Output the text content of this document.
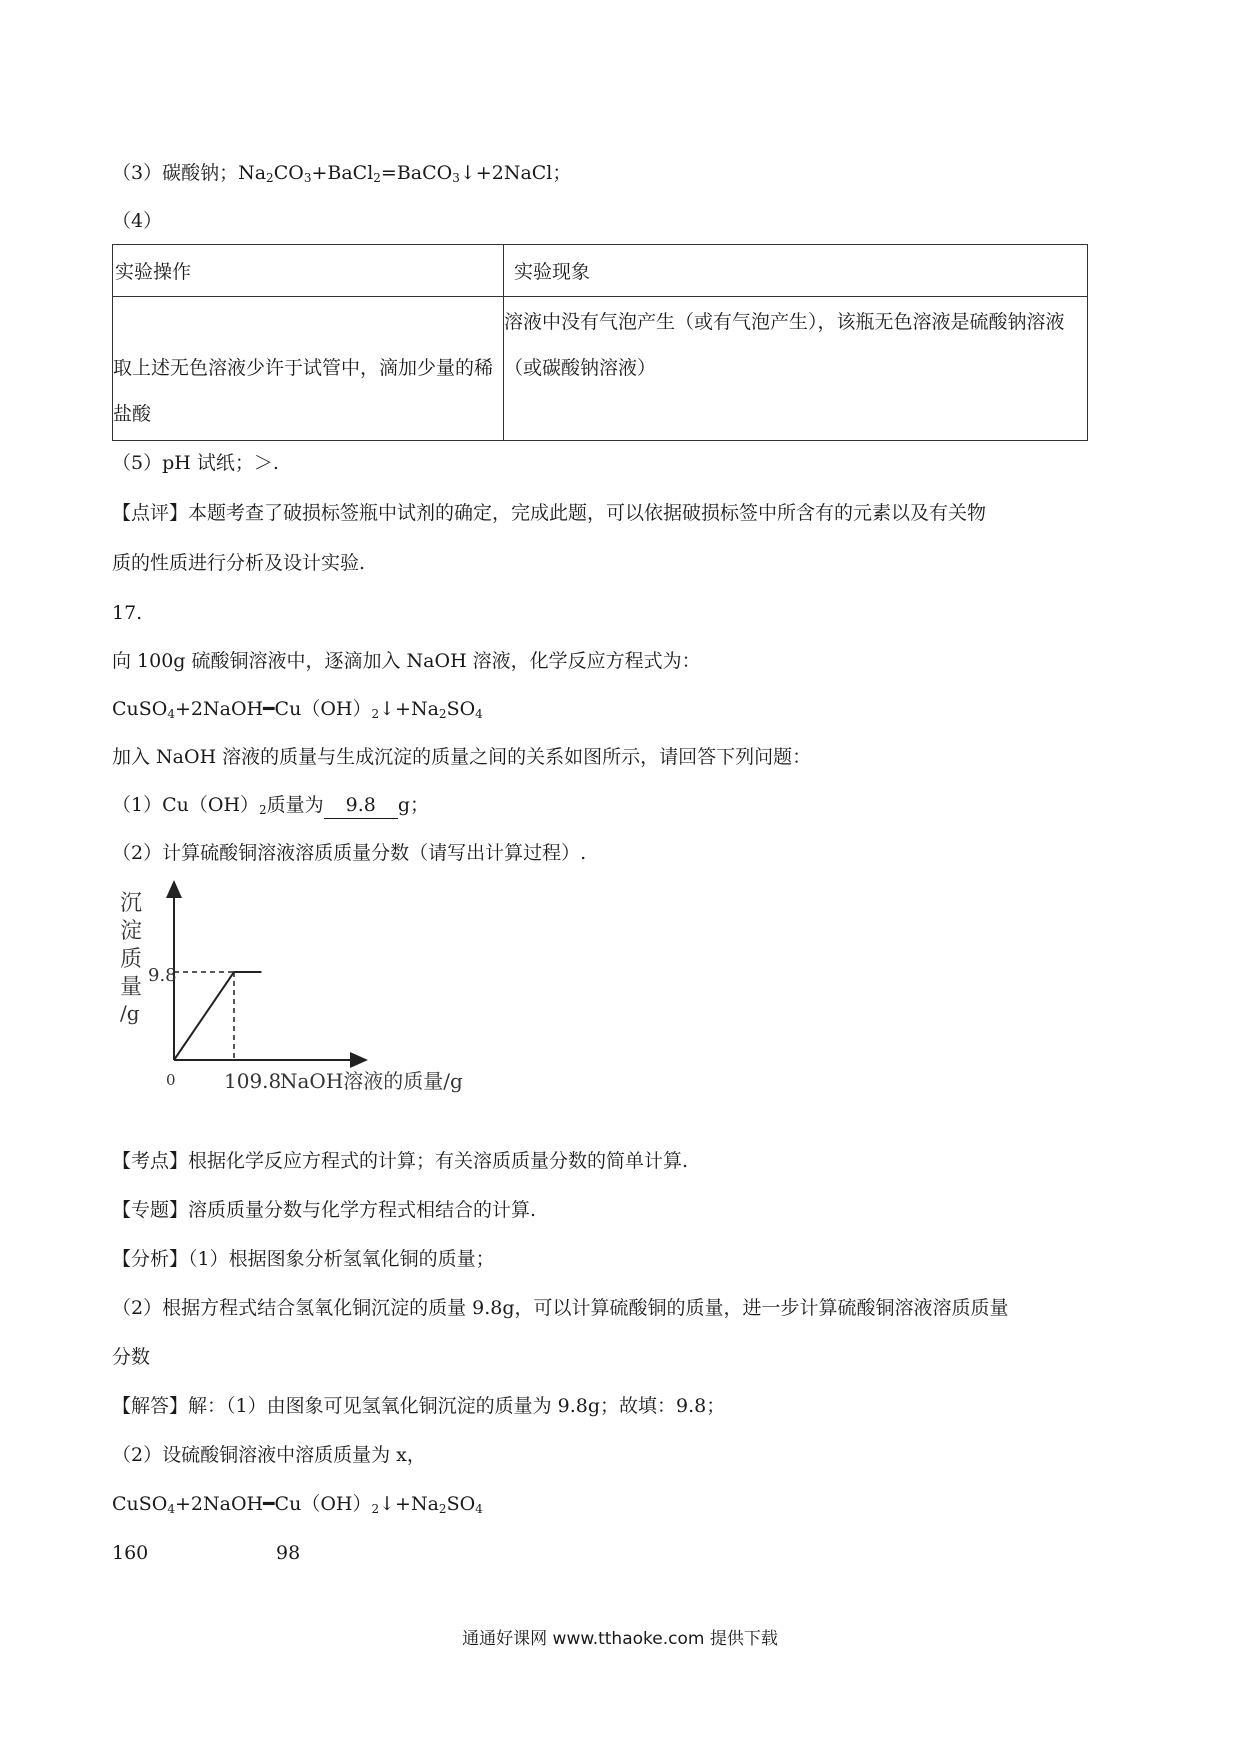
（3）碳酸钠；$Na_2CO_3+BaCl_2=BaCO_3↓+2NaCl$；
（4）
实验操作	实验现象

取上述无色溶液少许于试管中，滴加少量的稀盐酸	溶液中没有气泡产生（或有气泡产生），该瓶无色溶液是硫酸钠溶液（或碳酸钠溶液）
（5）pH 试纸；＞.
【点评】本题考查了破损标签瓶中试剂的确定，完成此题，可以依据破损标签中所含有的元素以及有关物
质的性质进行分析及设计实验.
17.
向 100g 硫酸铜溶液中，逐滴加入 NaOH 溶液，化学反应方程式为：
$CuSO_4+2NaOH━Cu(OH)_2↓+Na_2SO_4$
加入 NaOH 溶液的质量与生成沉淀的质量之间的关系如图所示，请回答下列问题：
$(1)Cu(OH)_2$质量为 9.8 g；
（2）计算硫酸铜溶液溶质质量分数（请写出计算过程）.
沉
淀
质
量
/g
9.8
0 109.8
NaOH溶液的质量/g
【考点】根据化学反应方程式的计算；有关溶质质量分数的简单计算.
【专题】溶质质量分数与化学方程式相结合的计算.
【分析】（1）根据图象分析氢氧化铜的质量；
（2）根据方程式结合氢氧化铜沉淀的质量 9.8g，可以计算硫酸铜的质量，进一步计算硫酸铜溶液溶质质量
分数
【解答】解：（1）由图象可见氢氧化铜沉淀的质量为 9.8g；故填：9.8；
（2）设硫酸铜溶液中溶质质量为 x，
$CuSO_4+2NaOH━Cu(OH)_2↓+Na_2SO_4$
160	98
通通好课网 www.tthaoke.com 提供下载
